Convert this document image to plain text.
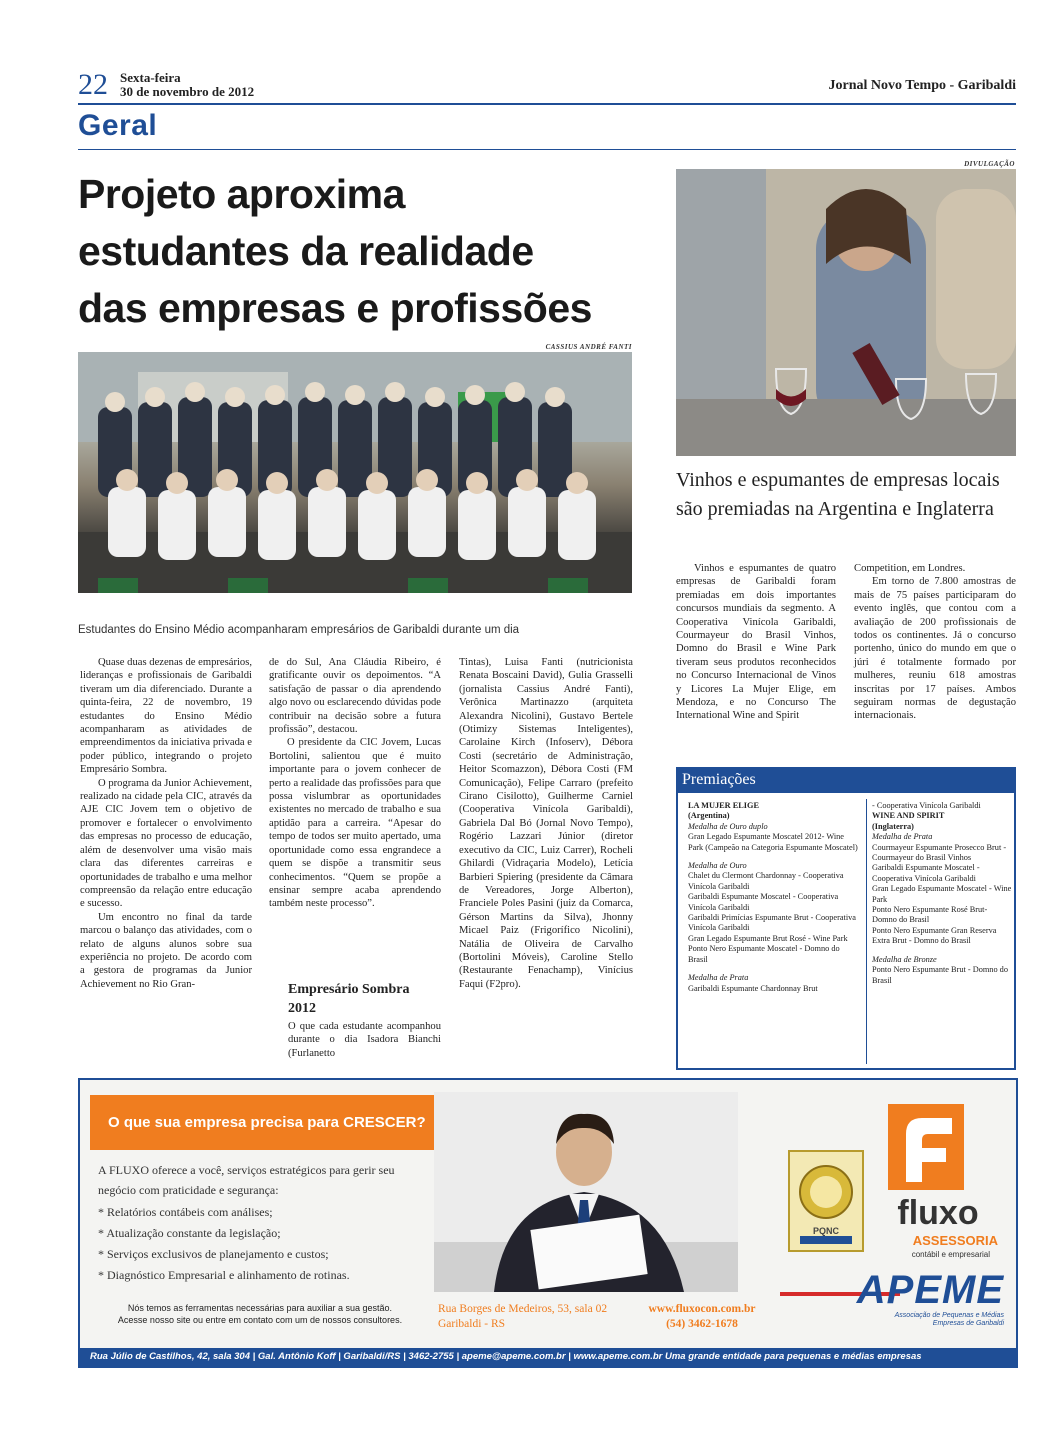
22 Sexta-feira
30 de novembro de 2012	Jornal Novo Tempo - Garibaldi
Geral
Projeto aproxima
estudantes da realidade
das empresas e profissões
CASSIUS ANDRÉ FANTI
Estudantes do Ensino Médio acompanharam empresários de Garibaldi durante um dia

Quase duas dezenas de empresários, lideranças e profissionais de Garibaldi tiveram um dia diferenciado. Durante a quinta-feira, 22 de novembro, 19 estudantes do Ensino Médio acompanharam as atividades de empreendimentos da iniciativa privada e poder público, integrando o projeto Empresário Sombra.

O programa da Junior Achievement, realizado na cidade pela CIC, através da AJE CIC Jovem tem o objetivo de promover e fortalecer o envolvimento das empresas no processo de educação, além de desenvolver uma visão mais clara das diferentes carreiras e oportunidades de trabalho e uma melhor compreensão da relação entre educação e sucesso.

Um encontro no final da tarde marcou o balanço das atividades, com o relato de alguns alunos sobre sua experiência no projeto. De acordo com a gestora de programas da Junior Achievement no Rio Gran-

de do Sul, Ana Cláudia Ribeiro, é gratificante ouvir os depoimentos. “A satisfação de passar o dia aprendendo algo novo ou esclarecendo dúvidas pode contribuir na decisão sobre a futura profissão”, destacou.

O presidente da CIC Jovem, Lucas Bortolini, salientou que é muito importante para o jovem conhecer de perto a realidade das profissões para que possa vislumbrar as oportunidades existentes no mercado de trabalho e sua aptidão para a carreira. “Apesar do tempo de todos ser muito apertado, uma oportunidade como essa engrandece a quem se dispõe a transmitir seus conhecimentos. “Quem se propõe a ensinar sempre acaba aprendendo também neste processo”.

Empresário Sombra 2012

O que cada estudante acompanhou durante o dia Isadora Bianchi (Furlanetto

Tintas), Luisa Fanti (nutricionista Renata Boscaini David), Gulia Grasselli (jornalista Cassius André Fanti), Verônica Martinazzo (arquiteta Alexandra Nicolini), Gustavo Bertele (Otimizy Sistemas Inteligentes), Carolaine Kirch (Infoserv), Débora Costi (secretário de Administração, Heitor Scomazzon), Débora Costi (FM Comunicação), Felipe Carraro (prefeito Cirano Cisilotto), Guilherme Carniel (Cooperativa Vinícola Garibaldi), Gabriela Dal Bó (Jornal Novo Tempo), Rogério Lazzari Júnior (diretor executivo da CIC, Luiz Carrer), Rocheli Ghilardi (Vidraçaria Modelo), Letícia Barbieri Spiering (presidente da Câmara de Vereadores, Jorge Alberton), Franciele Poles Pasini (juiz da Comarca, Gérson Martins da Silva), Jhonny Micael Paiz (Frigorífico Nicolini), Natália de Oliveira de Carvalho (Bortolini Móveis), Caroline Stello (Restaurante Fenachamp), Vinícius Faqui (F2pro).

DIVULGAÇÃO
Vinhos e espumantes de empresas locais são premiadas na Argentina e Inglaterra

Vinhos e espumantes de quatro empresas de Garibaldi foram premiadas em dois importantes concursos mundiais da segmento. A Cooperativa Vinícola Garibaldi, Courmayeur do Brasil Vinhos, Domno do Brasil e Wine Park tiveram seus produtos reconhecidos no Concurso Internacional de Vinos y Licores La Mujer Elige, em Mendoza, e no Concurso The International Wine and Spirit

Competition, em Londres.

Em torno de 7.800 amostras de mais de 75 países participaram do evento inglês, que contou com a avaliação de 200 profissionais de todos os continentes. Já o concurso portenho, único do mundo em que o júri é totalmente formado por mulheres, reuniu 618 amostras inscritas por 17 países. Ambos seguiram normas de degustação internacionais.

Premiações
LA MUJER ELIGE
(Argentina)
Medalha de Ouro duplo
Gran Legado Espumante Moscatel 2012- Wine Park (Campeão na Categoria Espumante Moscatel)
Medalha de Ouro
Chalet du Clermont Chardonnay - Cooperativa Vinícola Garibaldi
Garibaldi Espumante Moscatel - Cooperativa Vinícola Garibaldi
Garibaldi Primícias Espumante Brut - Cooperativa Vinícola Garibaldi
Gran Legado Espumante Brut Rosé - Wine Park
Ponto Nero Espumante Moscatel - Domno do Brasil
Medalha de Prata
Garibaldi Espumante Chardonnay Brut
- Cooperativa Vinícola Garibaldi
WINE AND SPIRIT
(Inglaterra)
Medalha de Prata
Courmayeur Espumante Prosecco Brut - Courmayeur do Brasil Vinhos
Garibaldi Espumante Moscatel - Cooperativa Vinícola Garibaldi
Gran Legado Espumante Moscatel - Wine Park
Ponto Nero Espumante Rosé Brut- Domno do Brasil
Ponto Nero Espumante Gran Reserva Extra Brut - Domno do Brasil
Medalha de Bronze
Ponto Nero Espumante Brut - Domno do Brasil
O que sua empresa precisa para CRESCER?
A FLUXO oferece a você, serviços estratégicos para gerir seu negócio com praticidade e segurança:
* Relatórios contábeis com análises;
* Atualização constante da legislação;
* Serviços exclusivos de planejamento e custos;
* Diagnóstico Empresarial e alinhamento de rotinas.
Nós temos as ferramentas necessárias para auxiliar a sua gestão.
Acesse nosso site ou entre em contato com um de nossos consultores.
Rua Borges de Medeiros, 53, sala 02
Garibaldi - RS
www.fluxocon.com.br
(54) 3462-1678
PQNC	fluxo
ASSESSORIA
contábil e empresarial
APEME
Associação de Pequenas e Médias Empresas de Garibaldi
Rua Júlio de Castilhos, 42, sala 304 | Gal. Antônio Koff | Garibaldi/RS | 3462-2755 | apeme@apeme.com.br | www.apeme.com.br Uma grande entidade para pequenas e médias empresas
